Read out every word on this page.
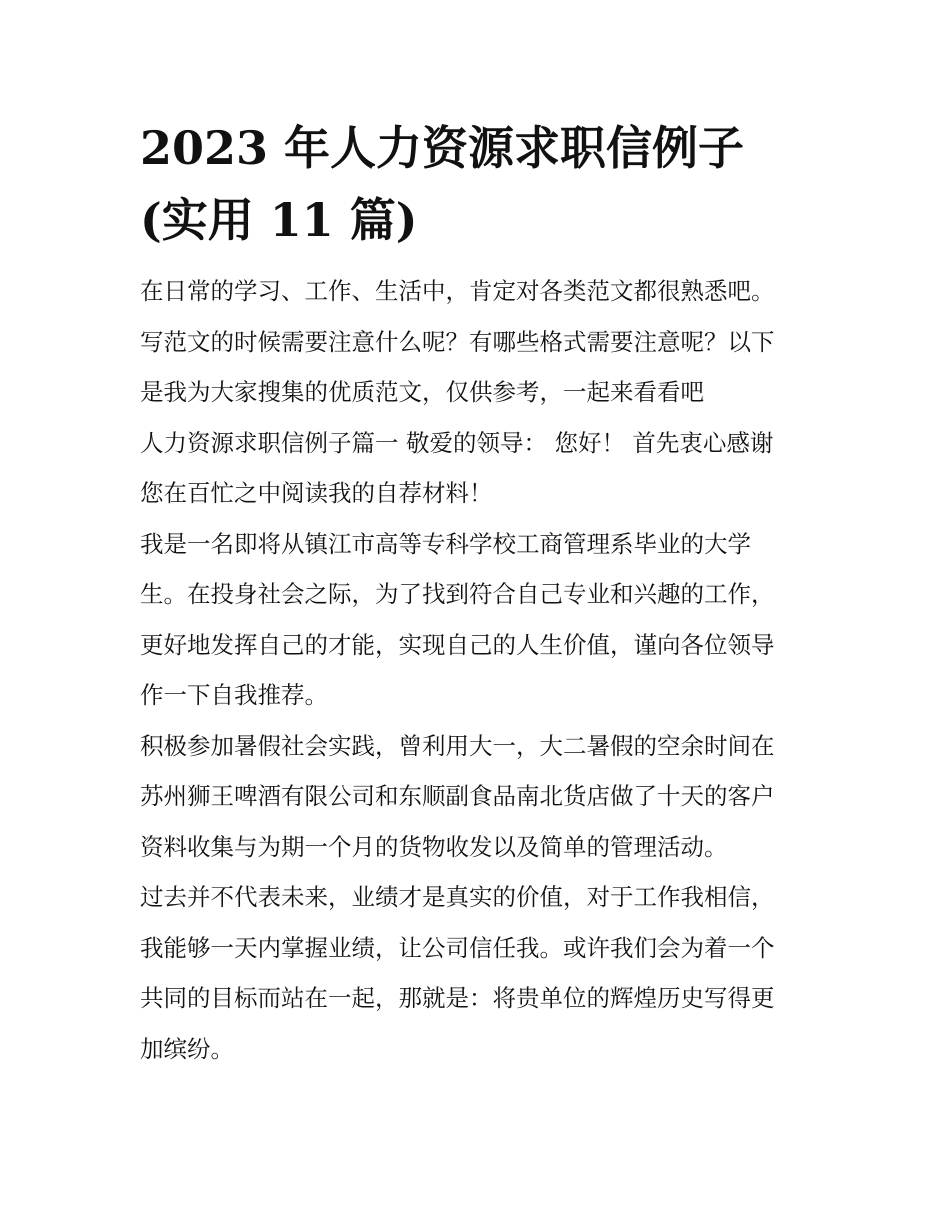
2023 年人力资源求职信例子
(实用 11 篇)

在日常的学习、工作、生活中，肯定对各类范文都很熟悉吧。
写范文的时候需要注意什么呢？有哪些格式需要注意呢？以下
是我为大家搜集的优质范文，仅供参考，一起来看看吧

人力资源求职信例子篇一 敬爱的领导： 您好！ 首先衷心感谢
您在百忙之中阅读我的自荐材料！

我是一名即将从镇江市高等专科学校工商管理系毕业的大学
生。在投身社会之际，为了找到符合自己专业和兴趣的工作，
更好地发挥自己的才能，实现自己的人生价值，谨向各位领导
作一下自我推荐。

积极参加暑假社会实践，曾利用大一，大二暑假的空余时间在
苏州狮王啤酒有限公司和东顺副食品南北货店做了十天的客户
资料收集与为期一个月的货物收发以及简单的管理活动。

过去并不代表未来，业绩才是真实的价值，对于工作我相信，
我能够一天内掌握业绩，让公司信任我。或许我们会为着一个
共同的目标而站在一起，那就是：将贵单位的辉煌历史写得更
加缤纷。
